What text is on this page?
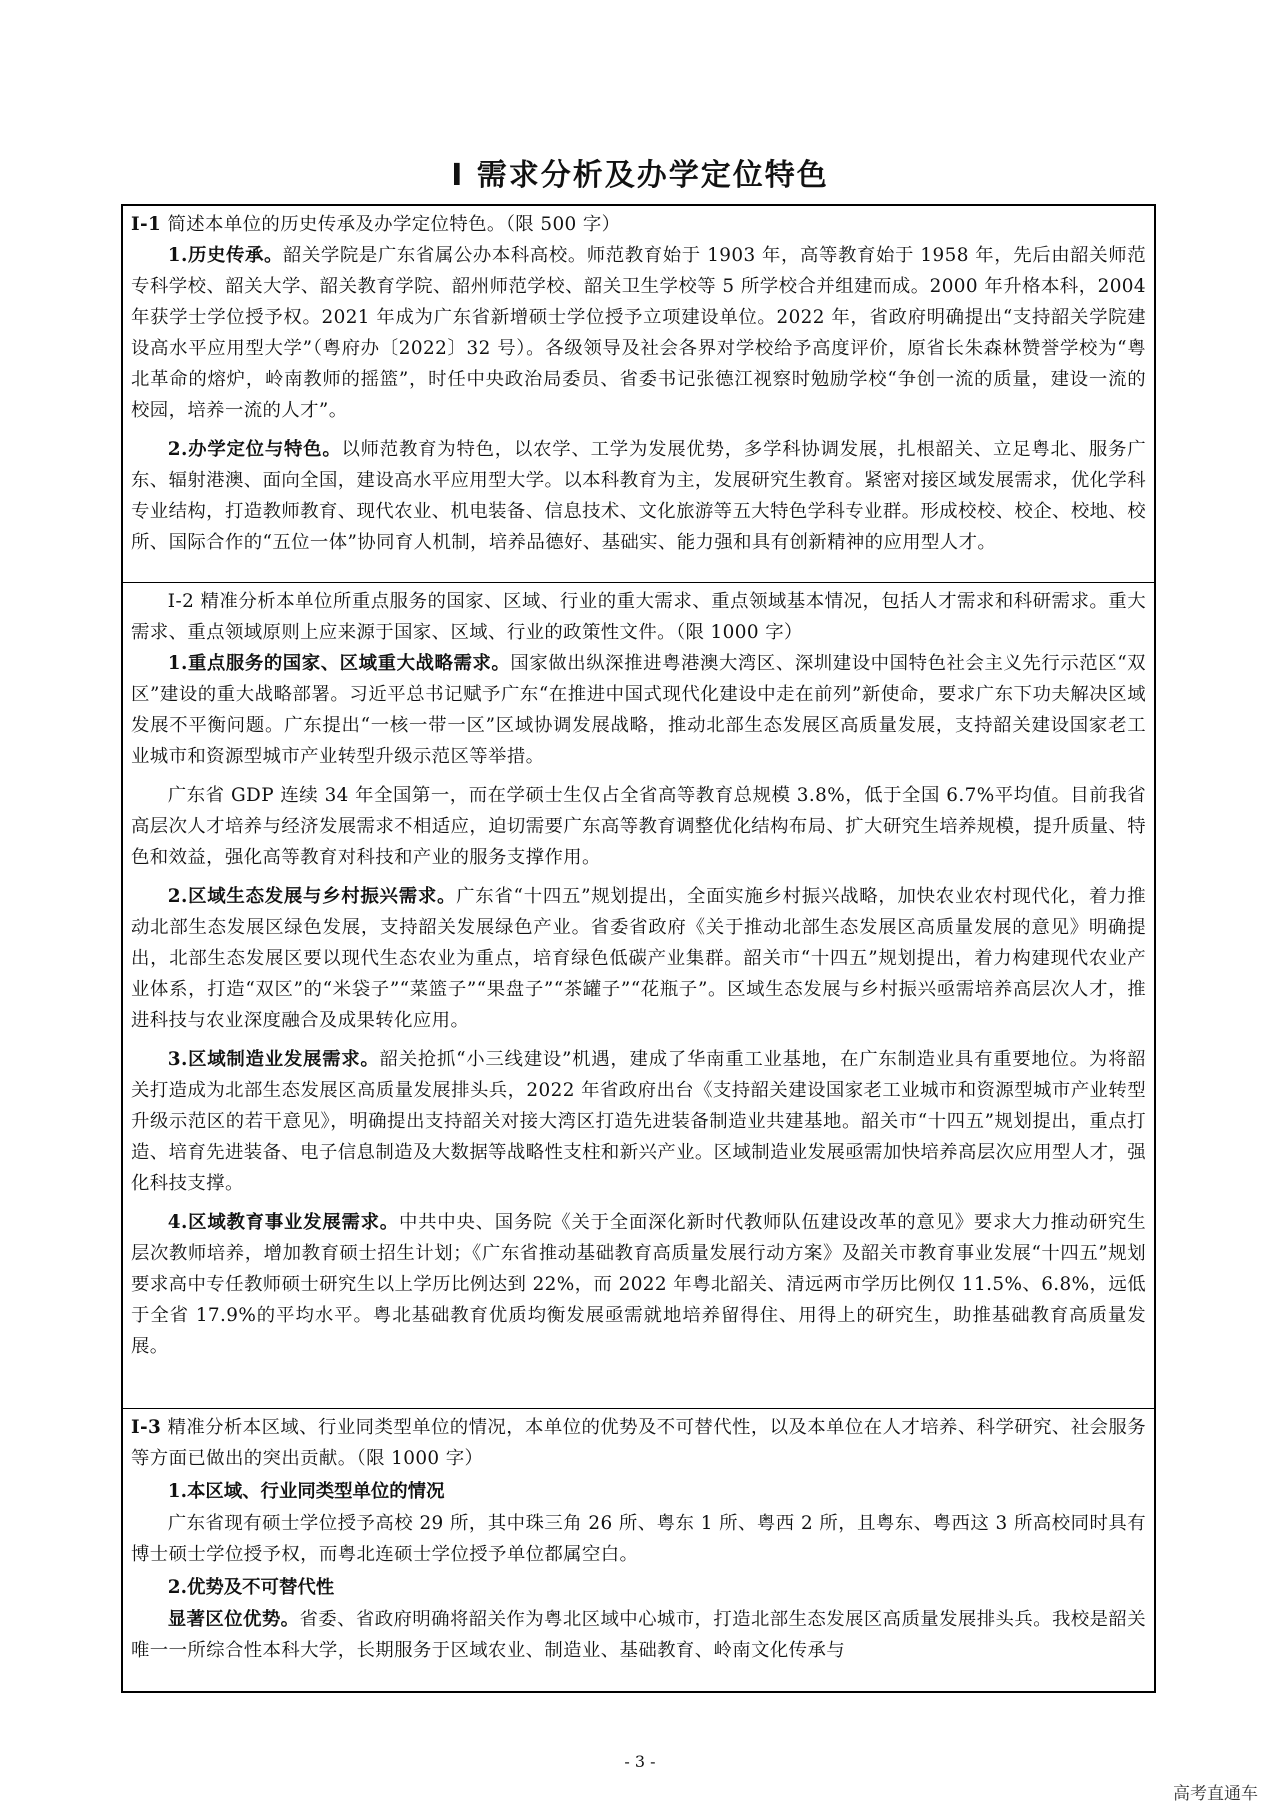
I 需求分析及办学定位特色

I-1 简述本单位的历史传承及办学定位特色。（限 500 字）

1.历史传承。韶关学院是广东省属公办本科高校。师范教育始于 1903 年，高等教育始于 1958 年，先后由韶关师范专科学校、韶关大学、韶关教育学院、韶州师范学校、韶关卫生学校等 5 所学校合并组建而成。2000 年升格本科，2004 年获学士学位授予权。2021 年成为广东省新增硕士学位授予立项建设单位。2022 年，省政府明确提出“支持韶关学院建设高水平应用型大学”（粤府办〔2022〕32 号）。各级领导及社会各界对学校给予高度评价，原省长朱森林赞誉学校为“粤北革命的熔炉，岭南教师的摇篮”，时任中央政治局委员、省委书记张德江视察时勉励学校“争创一流的质量，建设一流的校园，培养一流的人才”。

2.办学定位与特色。以师范教育为特色，以农学、工学为发展优势，多学科协调发展，扎根韶关、立足粤北、服务广东、辐射港澳、面向全国，建设高水平应用型大学。以本科教育为主，发展研究生教育。紧密对接区域发展需求，优化学科专业结构，打造教师教育、现代农业、机电装备、信息技术、文化旅游等五大特色学科专业群。形成校校、校企、校地、校所、国际合作的“五位一体”协同育人机制，培养品德好、基础实、能力强和具有创新精神的应用型人才。

I-2 精准分析本单位所重点服务的国家、区域、行业的重大需求、重点领域基本情况，包括人才需求和科研需求。重大需求、重点领域原则上应来源于国家、区域、行业的政策性文件。（限 1000 字）

1.重点服务的国家、区域重大战略需求。国家做出纵深推进粤港澳大湾区、深圳建设中国特色社会主义先行示范区“双区”建设的重大战略部署。习近平总书记赋予广东“在推进中国式现代化建设中走在前列”新使命，要求广东下功夫解决区域发展不平衡问题。广东提出“一核一带一区”区域协调发展战略，推动北部生态发展区高质量发展，支持韶关建设国家老工业城市和资源型城市产业转型升级示范区等举措。

广东省 GDP 连续 34 年全国第一，而在学硕士生仅占全省高等教育总规模 3.8%，低于全国 6.7%平均值。目前我省高层次人才培养与经济发展需求不相适应，迫切需要广东高等教育调整优化结构布局、扩大研究生培养规模，提升质量、特色和效益，强化高等教育对科技和产业的服务支撑作用。

2.区域生态发展与乡村振兴需求。广东省“十四五”规划提出，全面实施乡村振兴战略，加快农业农村现代化，着力推动北部生态发展区绿色发展，支持韶关发展绿色产业。省委省政府《关于推动北部生态发展区高质量发展的意见》明确提出，北部生态发展区要以现代生态农业为重点，培育绿色低碳产业集群。韶关市“十四五”规划提出，着力构建现代农业产业体系，打造“双区”的“米袋子”“菜篮子”“果盘子”“茶罐子”“花瓶子”。区域生态发展与乡村振兴亟需培养高层次人才，推进科技与农业深度融合及成果转化应用。

3.区域制造业发展需求。韶关抢抓“小三线建设”机遇，建成了华南重工业基地，在广东制造业具有重要地位。为将韶关打造成为北部生态发展区高质量发展排头兵，2022 年省政府出台《支持韶关建设国家老工业城市和资源型城市产业转型升级示范区的若干意见》，明确提出支持韶关对接大湾区打造先进装备制造业共建基地。韶关市“十四五”规划提出，重点打造、培育先进装备、电子信息制造及大数据等战略性支柱和新兴产业。区域制造业发展亟需加快培养高层次应用型人才，强化科技支撑。

4.区域教育事业发展需求。中共中央、国务院《关于全面深化新时代教师队伍建设改革的意见》要求大力推动研究生层次教师培养，增加教育硕士招生计划；《广东省推动基础教育高质量发展行动方案》及韶关市教育事业发展“十四五”规划要求高中专任教师硕士研究生以上学历比例达到 22%，而 2022 年粤北韶关、清远两市学历比例仅 11.5%、6.8%，远低于全省 17.9%的平均水平。粤北基础教育优质均衡发展亟需就地培养留得住、用得上的研究生，助推基础教育高质量发展。

I-3 精准分析本区域、行业同类型单位的情况，本单位的优势及不可替代性，以及本单位在人才培养、科学研究、社会服务等方面已做出的突出贡献。（限 1000 字）

1.本区域、行业同类型单位的情况

广东省现有硕士学位授予高校 29 所，其中珠三角 26 所、粤东 1 所、粤西 2 所，且粤东、粤西这 3 所高校同时具有博士硕士学位授予权，而粤北连硕士学位授予单位都属空白。

2.优势及不可替代性

显著区位优势。省委、省政府明确将韶关作为粤北区域中心城市，打造北部生态发展区高质量发展排头兵。我校是韶关唯一一所综合性本科大学，长期服务于区域农业、制造业、基础教育、岭南文化传承与

- 3 -
高考直通车
